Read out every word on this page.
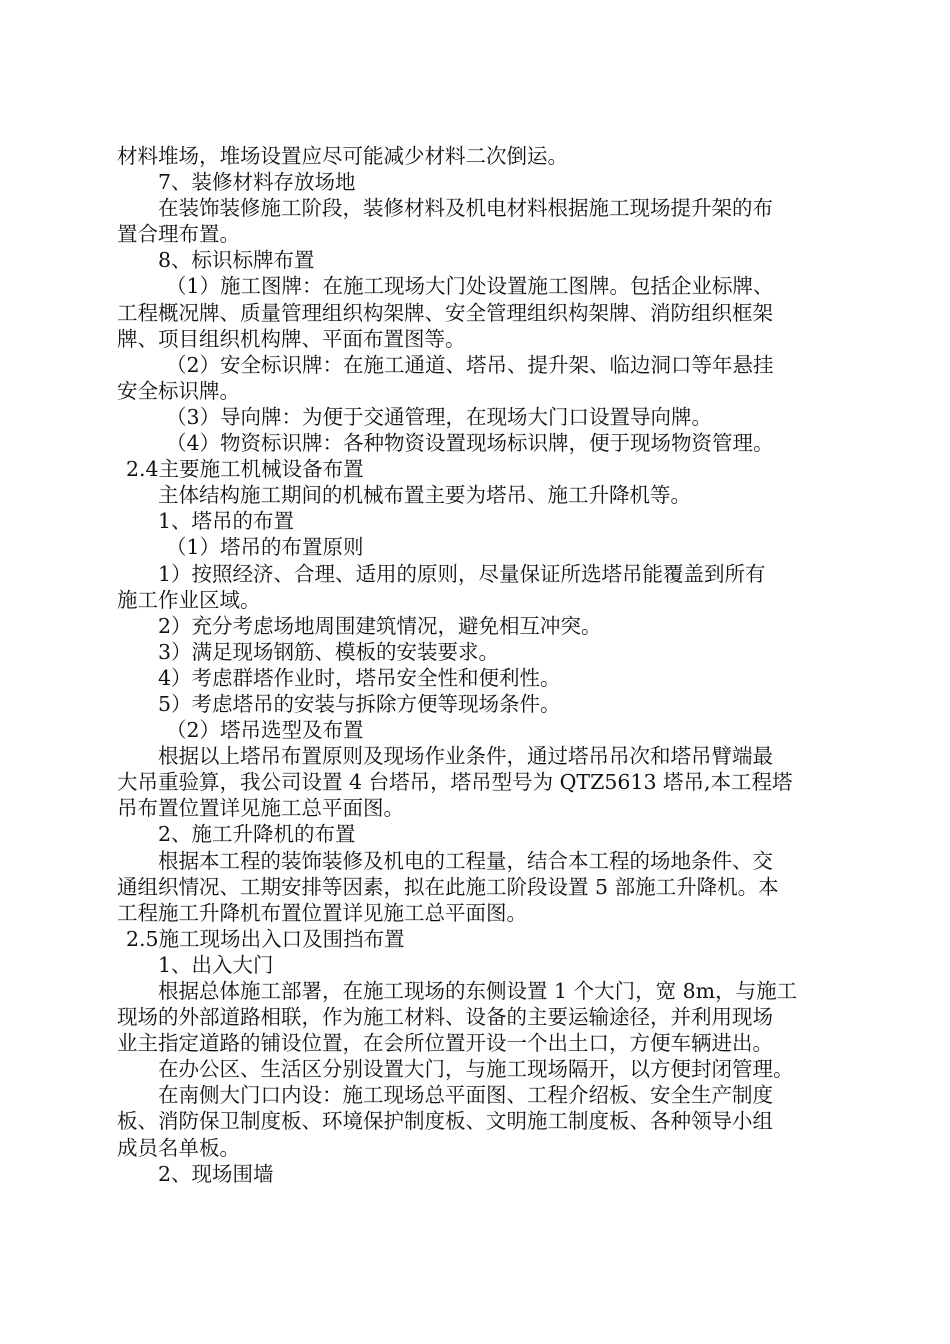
材料堆场，堆场设置应尽可能减少材料二次倒运。
7、装修材料存放场地
在装饰装修施工阶段，装修材料及机电材料根据施工现场提升架的布
置合理布置。
8、标识标牌布置
（1）施工图牌：在施工现场大门处设置施工图牌。包括企业标牌、
工程概况牌、质量管理组织构架牌、安全管理组织构架牌、消防组织框架
牌、项目组织机构牌、平面布置图等。
（2）安全标识牌：在施工通道、塔吊、提升架、临边洞口等年悬挂
安全标识牌。
（3）导向牌：为便于交通管理，在现场大门口设置导向牌。
（4）物资标识牌：各种物资设置现场标识牌，便于现场物资管理。
2.4主要施工机械设备布置
主体结构施工期间的机械布置主要为塔吊、施工升降机等。
1、塔吊的布置
（1）塔吊的布置原则
1）按照经济、合理、适用的原则，尽量保证所选塔吊能覆盖到所有
施工作业区域。
2）充分考虑场地周围建筑情况，避免相互冲突。
3）满足现场钢筋、模板的安装要求。
4）考虑群塔作业时，塔吊安全性和便利性。
5）考虑塔吊的安装与拆除方便等现场条件。
（2）塔吊选型及布置
根据以上塔吊布置原则及现场作业条件，通过塔吊吊次和塔吊臂端最
大吊重验算，我公司设置 4 台塔吊，塔吊型号为 QTZ5613 塔吊,本工程塔
吊布置位置详见施工总平面图。
2、施工升降机的布置
根据本工程的装饰装修及机电的工程量，结合本工程的场地条件、交
通组织情况、工期安排等因素，拟在此施工阶段设置 5 部施工升降机。本
工程施工升降机布置位置详见施工总平面图。
2.5施工现场出入口及围挡布置
1、出入大门
根据总体施工部署，在施工现场的东侧设置 1 个大门，宽 8m，与施工
现场的外部道路相联，作为施工材料、设备的主要运输途径，并利用现场
业主指定道路的铺设位置，在会所位置开设一个出土口，方便车辆进出。
在办公区、生活区分别设置大门，与施工现场隔开，以方便封闭管理。
在南侧大门口内设：施工现场总平面图、工程介绍板、安全生产制度
板、消防保卫制度板、环境保护制度板、文明施工制度板、各种领导小组
成员名单板。
2、现场围墙
